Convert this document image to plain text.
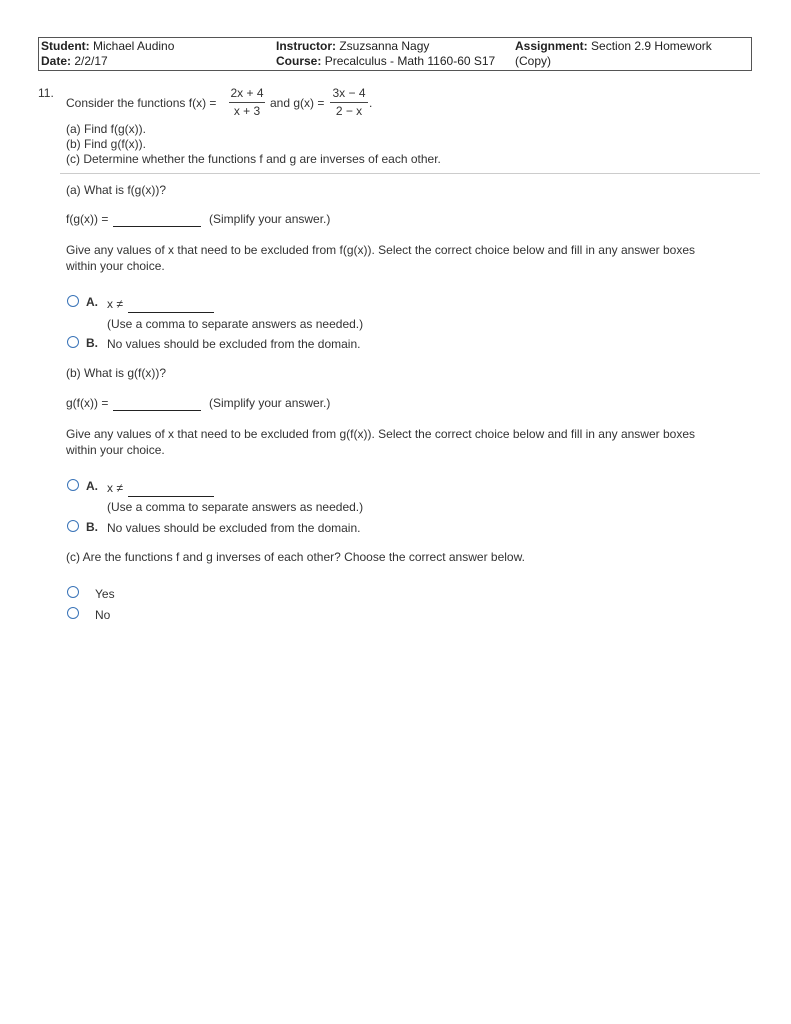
Student: Michael Audino
Date: 2/2/17
Instructor: Zsuzsanna Nagy
Course: Precalculus - Math 1160-60 S17
Assignment: Section 2.9 Homework
(Copy)
11.
Consider the functions f(x) =
2x + 4
x + 3
and g(x) =
3x − 4
2 − x
.
(a) Find f(g(x)).
(b) Find g(f(x)).
(c) Determine whether the functions f and g are inverses of each other.
(a) What is f(g(x))?
f(g(x)) =	(Simplify your answer.)
Give any values of x that need to be excluded from f(g(x)). Select the correct choice below and fill in any answer boxes
within your choice.
A. x ≠
(Use a comma to separate answers as needed.)
B. No values should be excluded from the domain.
(b) What is g(f(x))?
g(f(x)) =	(Simplify your answer.)
Give any values of x that need to be excluded from g(f(x)). Select the correct choice below and fill in any answer boxes
within your choice.
A. x ≠
(Use a comma to separate answers as needed.)
B. No values should be excluded from the domain.
(c) Are the functions f and g inverses of each other? Choose the correct answer below.
Yes
No
